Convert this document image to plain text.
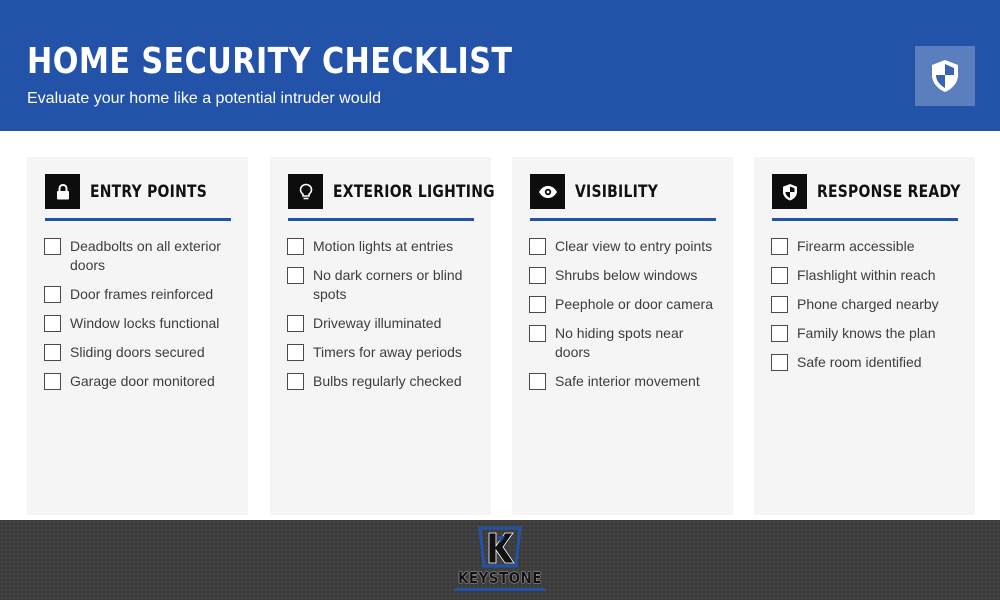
HOME SECURITY CHECKLIST

Evaluate your home like a potential intruder would

ENTRY POINTS
Deadbolts on all exterior doors
Door frames reinforced
Window locks functional
Sliding doors secured
Garage door monitored
EXTERIOR LIGHTING
Motion lights at entries
No dark corners or blind spots
Driveway illuminated
Timers for away periods
Bulbs regularly checked
VISIBILITY
Clear view to entry points
Shrubs below windows
Peephole or door camera
No hiding spots near doors
Safe interior movement
RESPONSE READY
Firearm accessible
Flashlight within reach
Phone charged nearby
Family knows the plan
Safe room identified
KEYSTONE
